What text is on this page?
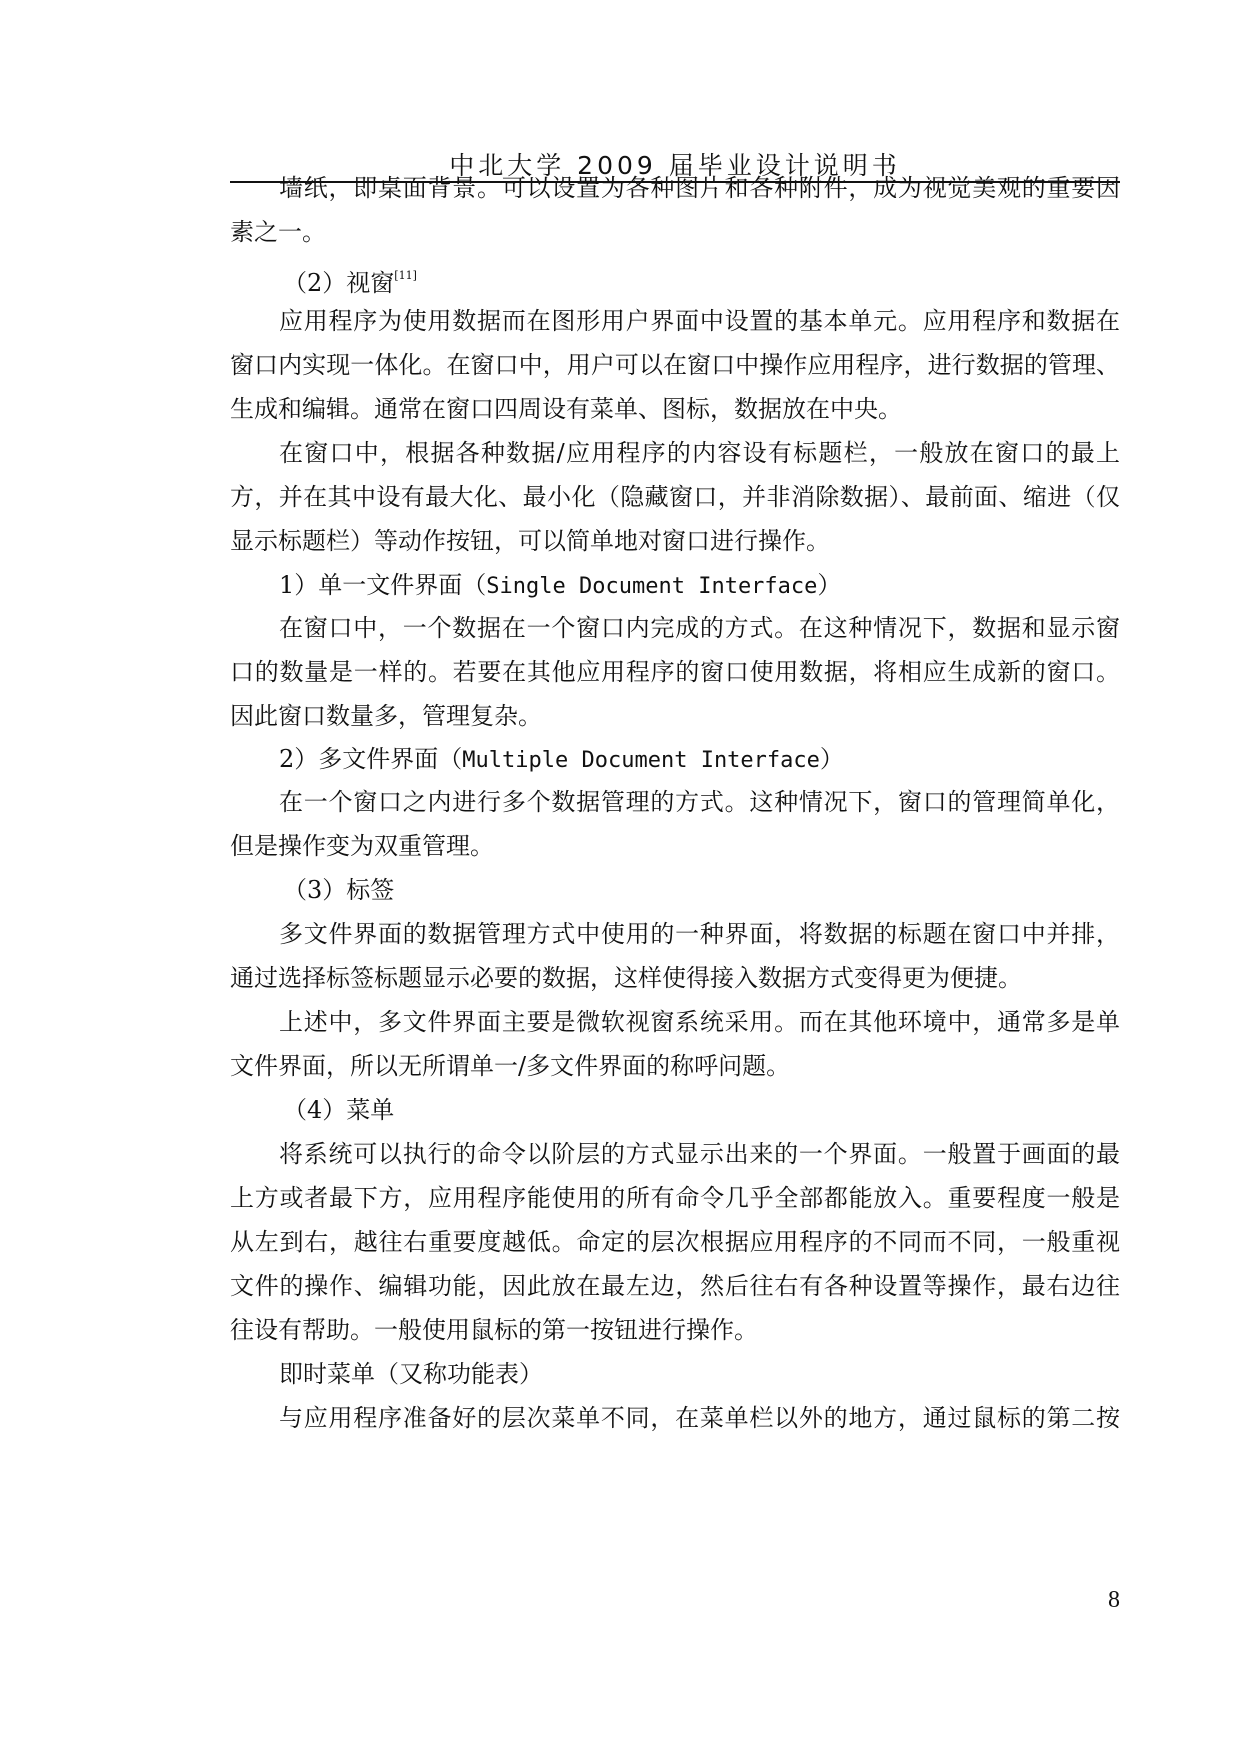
中北大学 2009 届毕业设计说明书
墙纸，即桌面背景。可以设置为各种图片和各种附件，成为视觉美观的重要因
素之一。
（2）视窗[11]
应用程序为使用数据而在图形用户界面中设置的基本单元。应用程序和数据在
窗口内实现一体化。在窗口中，用户可以在窗口中操作应用程序，进行数据的管理、
生成和编辑。通常在窗口四周设有菜单、图标，数据放在中央。
在窗口中，根据各种数据/应用程序的内容设有标题栏，一般放在窗口的最上
方，并在其中设有最大化、最小化（隐藏窗口，并非消除数据）、最前面、缩进（仅
显示标题栏）等动作按钮，可以简单地对窗口进行操作。
1）单一文件界面（Single Document Interface）
在窗口中，一个数据在一个窗口内完成的方式。在这种情况下，数据和显示窗
口的数量是一样的。若要在其他应用程序的窗口使用数据，将相应生成新的窗口。
因此窗口数量多，管理复杂。
2）多文件界面（Multiple Document Interface）
在一个窗口之内进行多个数据管理的方式。这种情况下，窗口的管理简单化，
但是操作变为双重管理。
（3）标签
多文件界面的数据管理方式中使用的一种界面，将数据的标题在窗口中并排，
通过选择标签标题显示必要的数据，这样使得接入数据方式变得更为便捷。
上述中，多文件界面主要是微软视窗系统采用。而在其他环境中，通常多是单
文件界面，所以无所谓单一/多文件界面的称呼问题。
（4）菜单
将系统可以执行的命令以阶层的方式显示出来的一个界面。一般置于画面的最
上方或者最下方，应用程序能使用的所有命令几乎全部都能放入。重要程度一般是
从左到右，越往右重要度越低。命定的层次根据应用程序的不同而不同，一般重视
文件的操作、编辑功能，因此放在最左边，然后往右有各种设置等操作，最右边往
往设有帮助。一般使用鼠标的第一按钮进行操作。
即时菜单（又称功能表）
与应用程序准备好的层次菜单不同，在菜单栏以外的地方，通过鼠标的第二按
8
